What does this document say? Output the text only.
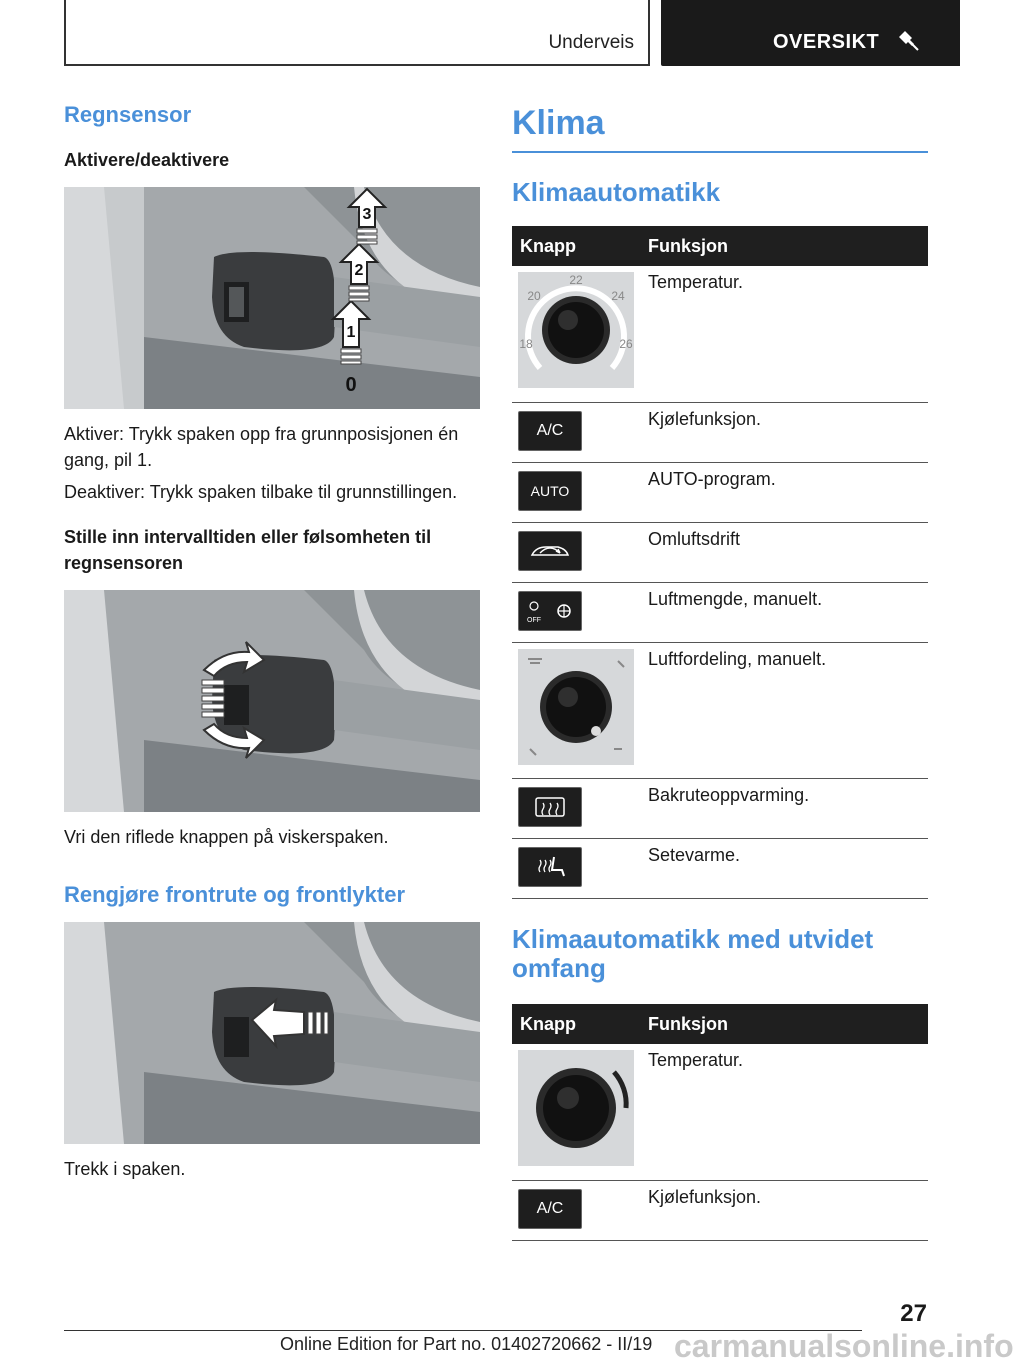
Underveis	OVERSIKT
Regnsensor
Aktivere/deaktivere
3
2
1
0
Aktiver: Trykk spaken opp fra grunnposisjonen én gang, pil 1.
Deaktiver: Trykk spaken tilbake til grunnstillingen.
Stille inn intervalltiden eller følsomheten til regnsensoren
Vri den riflede knappen på viskerspaken.
Rengjøre frontrute og frontlykter
Trekk i spaken.
Klima
Klimaautomatikk
Knapp	Funksjon

22
20 24
18 26	Temperatur.

A/C	Kjølefunksjon.

AUTO	AUTO-program.

	Omluftsdrift

OFF	Luftmengde, manuelt.

	Luftfordeling, manuelt.

	Bakruteoppvarming.

	Setevarme.
Klimaautomatikk med utvidet omfang
Knapp	Funksjon

	Temperatur.

A/C	Kjølefunksjon.
27
Online Edition for Part no. 01402720662 - II/19 carmanualsonline.info
